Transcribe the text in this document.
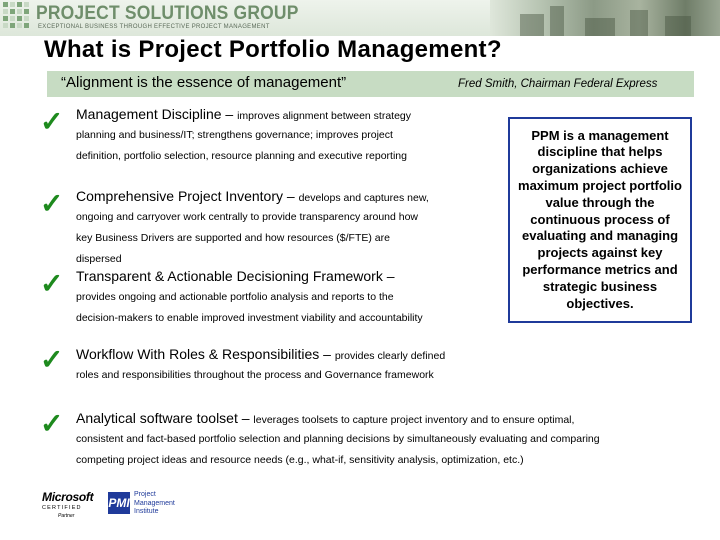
PROJECT SOLUTIONS GROUP
EXCEPTIONAL BUSINESS THROUGH EFFECTIVE PROJECT MANAGEMENT
What is Project Portfolio Management?
“Alignment is the essence of management”	Fred Smith, Chairman Federal Express
✓ Management Discipline – improves alignment between strategy
planning and business/IT; strengthens governance; improves project
definition, portfolio selection, resource planning and executive reporting
✓ Comprehensive Project Inventory – develops and captures new,
ongoing and carryover work centrally to provide transparency around how
key Business Drivers are supported and how resources ($/FTE) are
dispersed
✓ Transparent & Actionable Decisioning Framework –
provides ongoing and actionable portfolio analysis and reports to the
decision-makers to enable improved investment viability and accountability
✓ Workflow With Roles & Responsibilities – provides clearly defined
roles and responsibilities throughout the process and Governance framework
✓ Analytical software toolset – leverages toolsets to capture project inventory and to ensure optimal,
consistent and fact-based portfolio selection and planning decisions by simultaneously evaluating and comparing
competing project ideas and resource needs (e.g., what-if, sensitivity analysis, optimization, etc.)
PPM is a management discipline that helps organizations achieve maximum project portfolio value through the continuous process of evaluating and managing projects against key performance metrics and strategic business objectives.
Microsoft
CERTIFIED
Partner
PMI
Project
Management
Institute
